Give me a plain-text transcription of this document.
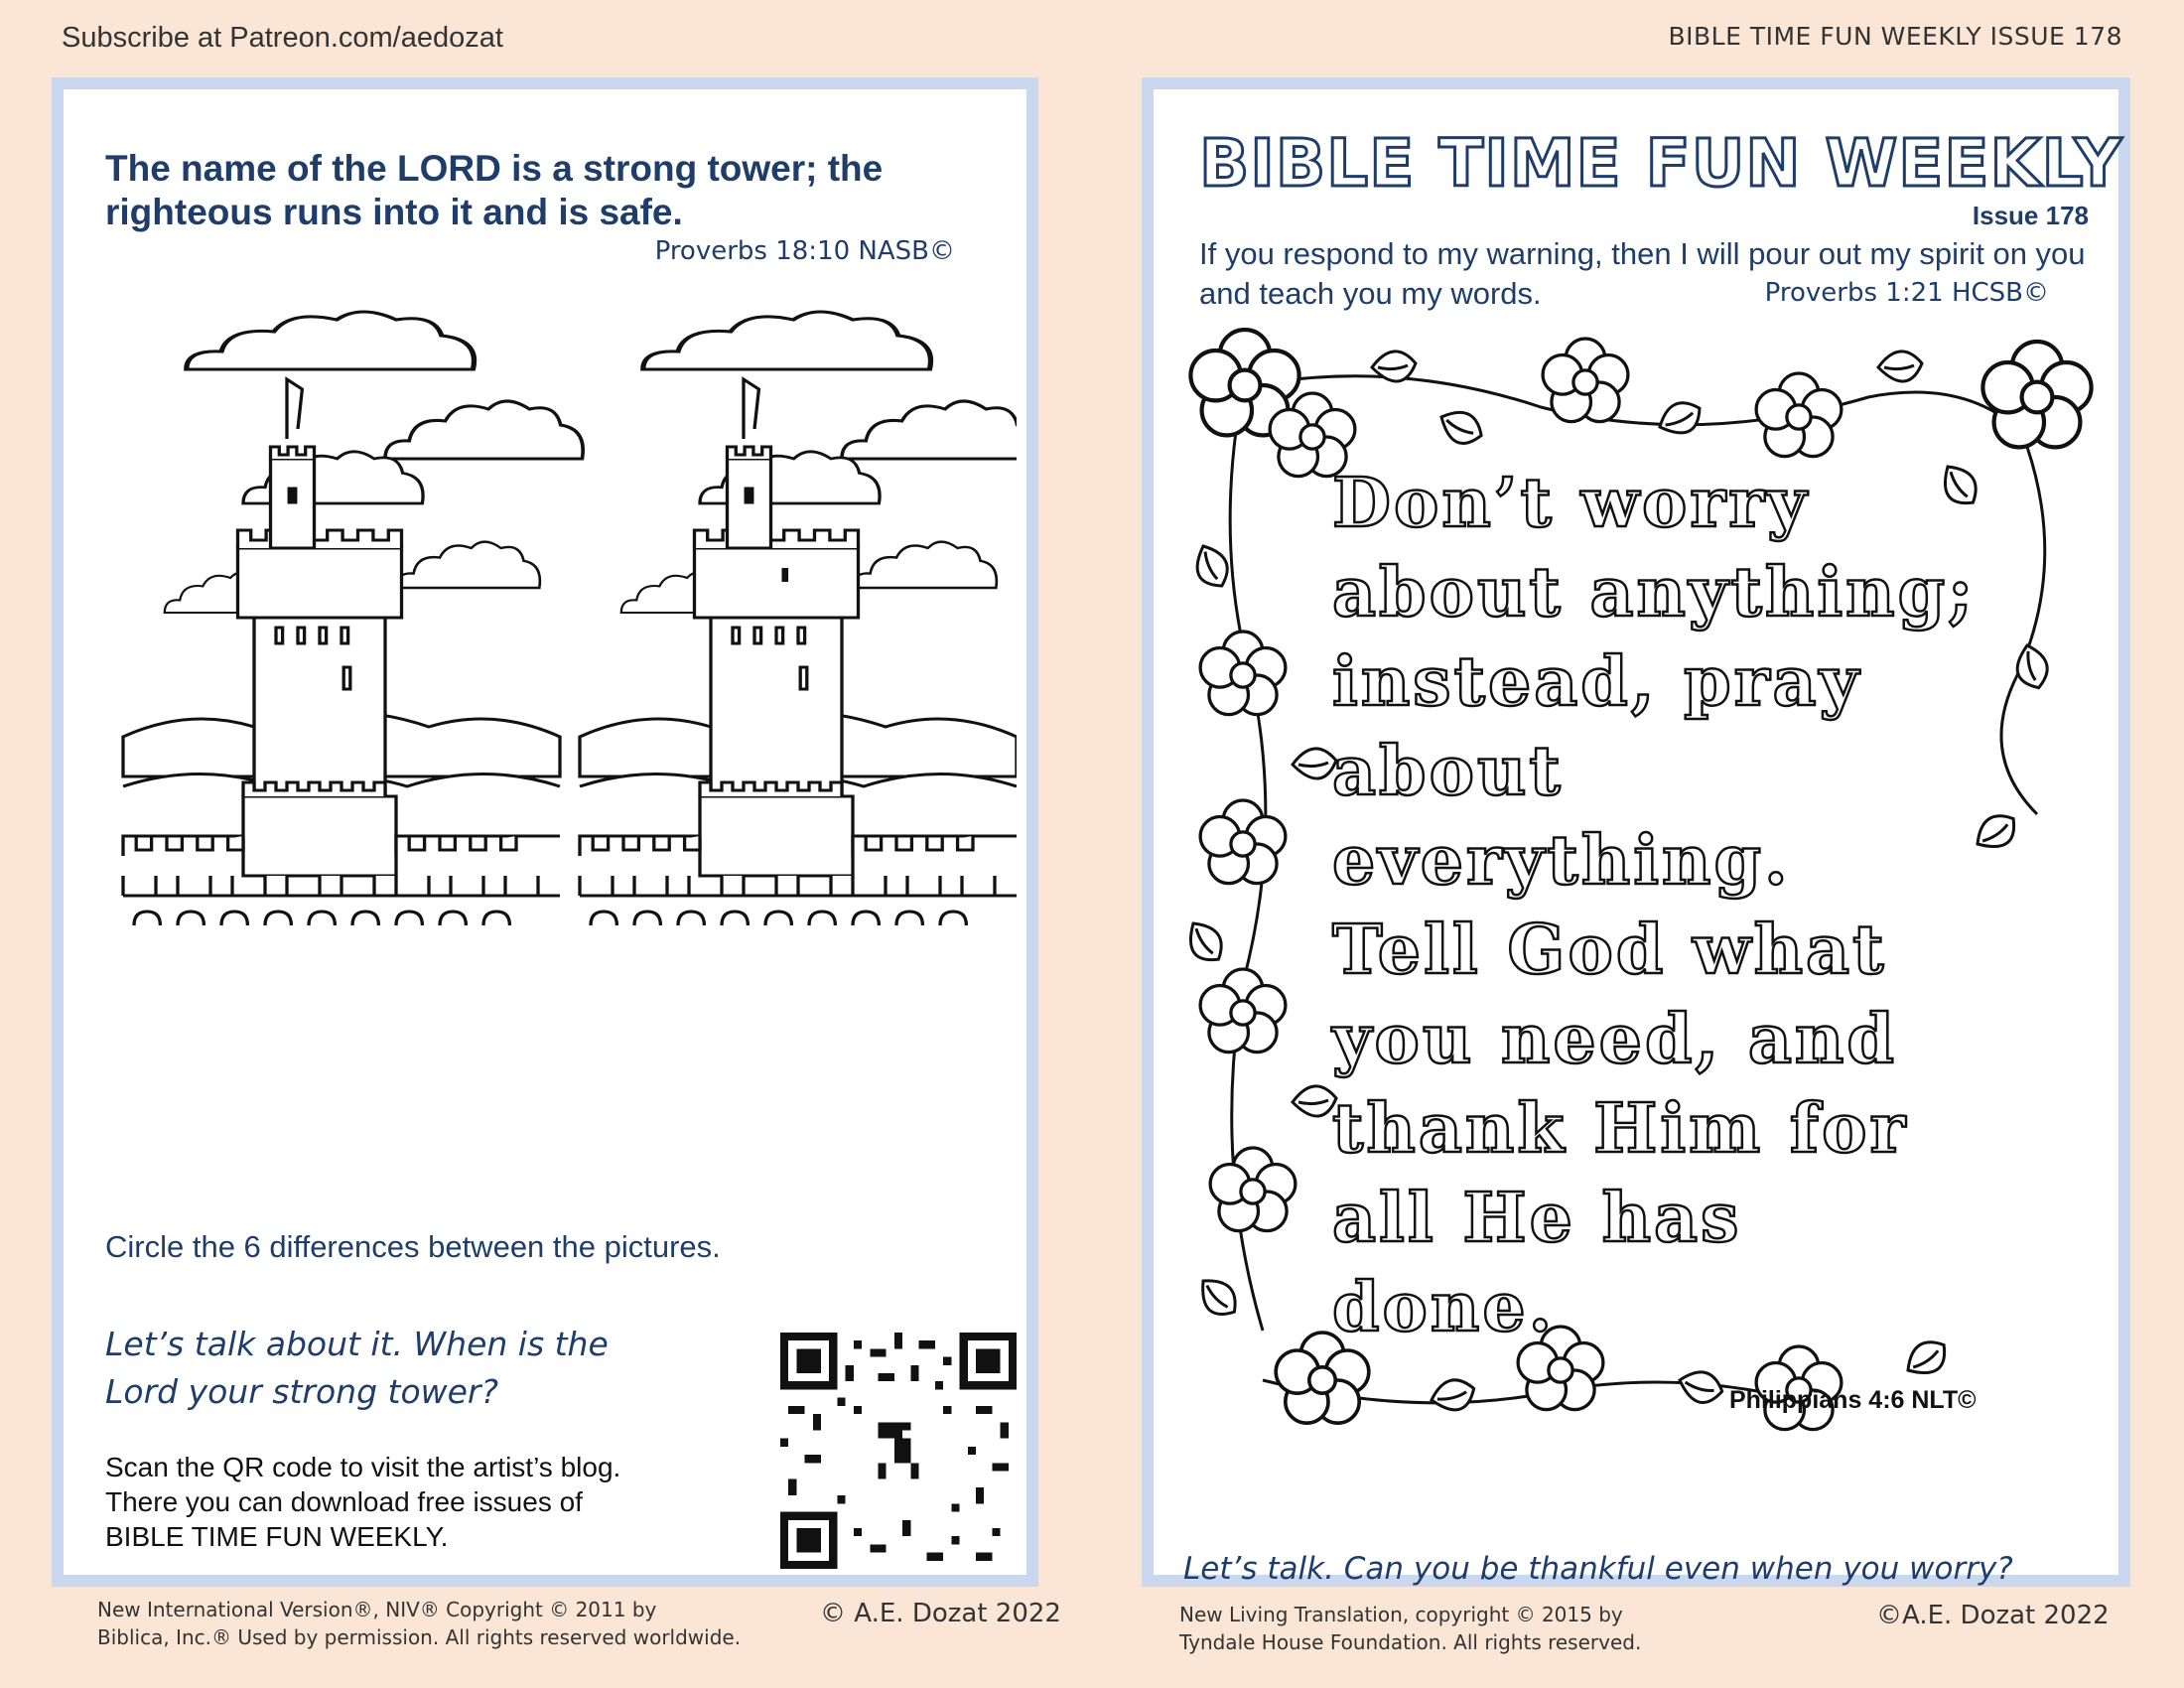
Subscribe at Patreon.com/aedozat	BIBLE TIME FUN WEEKLY ISSUE 178
The name of the LORD is a strong tower; the righteous runs into it and is safe.
Proverbs 18:10 NASB©
Circle the 6 differences between the pictures.
Let’s talk about it. When is the Lord your strong tower?
Scan the QR code to visit the artist’s blog.
There you can download free issues of
BIBLE TIME FUN WEEKLY.
New International Version®, NIV® Copyright © 2011 by
Biblica, Inc.® Used by permission. All rights reserved worldwide.
© A.E. Dozat 2022
BIBLE TIME FUN WEEKLY
Issue 178
If you respond to my warning, then I will pour out my spirit on you and teach you my words.	Proverbs 1:21 HCSB©
Don’t worry
about anything;
instead, pray
about
everything.
Tell God what
you need, and
thank Him for
all He has
done.
Philippians 4:6 NLT©
Let’s talk. Can you be thankful even when you worry?
New Living Translation, copyright © 2015 by
Tyndale House Foundation. All rights reserved.
©A.E. Dozat 2022
